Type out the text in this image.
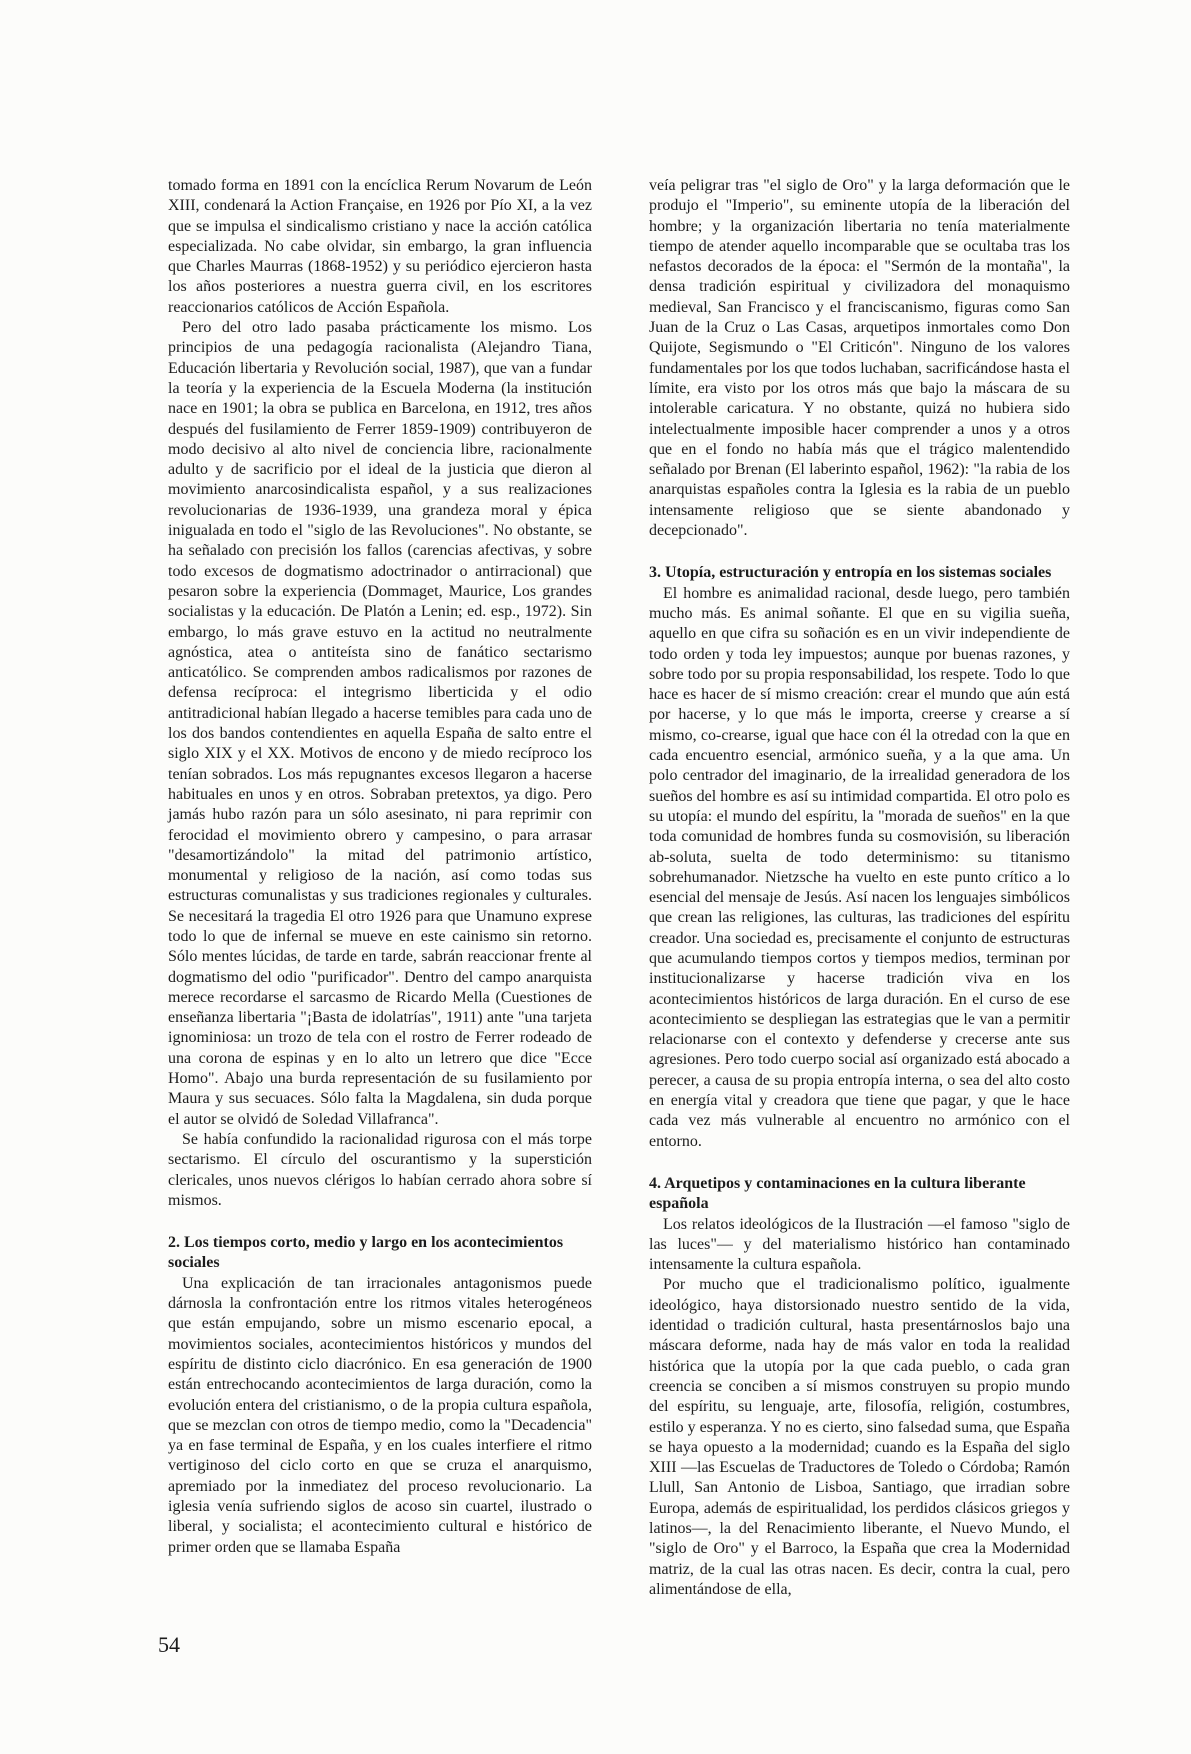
tomado forma en 1891 con la encíclica Rerum Novarum de León XIII, condenará la Action Française, en 1926 por Pío XI, a la vez que se impulsa el sindicalismo cristiano y nace la acción católica especializada. No cabe olvidar, sin embargo, la gran influencia que Charles Maurras (1868-1952) y su periódico ejercieron hasta los años posteriores a nuestra guerra civil, en los escritores reaccionarios católicos de Acción Española.

Pero del otro lado pasaba prácticamente los mismo. Los principios de una pedagogía racionalista (Alejandro Tiana, Educación libertaria y Revolución social, 1987), que van a fundar la teoría y la experiencia de la Escuela Moderna (la institución nace en 1901; la obra se publica en Barcelona, en 1912, tres años después del fusilamiento de Ferrer 1859-1909) contribuyeron de modo decisivo al alto nivel de conciencia libre, racionalmente adulto y de sacrificio por el ideal de la justicia que dieron al movimiento anarcosindicalista español, y a sus realizaciones revolucionarias de 1936-1939, una grandeza moral y épica inigualada en todo el "siglo de las Revoluciones". No obstante, se ha señalado con precisión los fallos (carencias afectivas, y sobre todo excesos de dogmatismo adoctrinador o antirracional) que pesaron sobre la experiencia (Dommaget, Maurice, Los grandes socialistas y la educación. De Platón a Lenin; ed. esp., 1972). Sin embargo, lo más grave estuvo en la actitud no neutralmente agnóstica, atea o antiteísta sino de fanático sectarismo anticatólico. Se comprenden ambos radicalismos por razones de defensa recíproca: el integrismo liberticida y el odio antitradicional habían llegado a hacerse temibles para cada uno de los dos bandos contendientes en aquella España de salto entre el siglo XIX y el XX. Motivos de encono y de miedo recíproco los tenían sobrados. Los más repugnantes excesos llegaron a hacerse habituales en unos y en otros. Sobraban pretextos, ya digo. Pero jamás hubo razón para un sólo asesinato, ni para reprimir con ferocidad el movimiento obrero y campesino, o para arrasar "desamortizándolo" la mitad del patrimonio artístico, monumental y religioso de la nación, así como todas sus estructuras comunalistas y sus tradiciones regionales y culturales. Se necesitará la tragedia El otro 1926 para que Unamuno exprese todo lo que de infernal se mueve en este cainismo sin retorno. Sólo mentes lúcidas, de tarde en tarde, sabrán reaccionar frente al dogmatismo del odio "purificador". Dentro del campo anarquista merece recordarse el sarcasmo de Ricardo Mella (Cuestiones de enseñanza libertaria "¡Basta de idolatrías", 1911) ante "una tarjeta ignominiosa: un trozo de tela con el rostro de Ferrer rodeado de una corona de espinas y en lo alto un letrero que dice "Ecce Homo". Abajo una burda representación de su fusilamiento por Maura y sus secuaces. Sólo falta la Magdalena, sin duda porque el autor se olvidó de Soledad Villafranca".

Se había confundido la racionalidad rigurosa con el más torpe sectarismo. El círculo del oscurantismo y la superstición clericales, unos nuevos clérigos lo habían cerrado ahora sobre sí mismos.

2. Los tiempos corto, medio y largo en los acontecimientos sociales

Una explicación de tan irracionales antagonismos puede dárnosla la confrontación entre los ritmos vitales heterogéneos que están empujando, sobre un mismo escenario epocal, a movimientos sociales, acontecimientos históricos y mundos del espíritu de distinto ciclo diacrónico. En esa generación de 1900 están entrechocando acontecimientos de larga duración, como la evolución entera del cristianismo, o de la propia cultura española, que se mezclan con otros de tiempo medio, como la "Decadencia" ya en fase terminal de España, y en los cuales interfiere el ritmo vertiginoso del ciclo corto en que se cruza el anarquismo, apremiado por la inmediatez del proceso revolucionario. La iglesia venía sufriendo siglos de acoso sin cuartel, ilustrado o liberal, y socialista; el acontecimiento cultural e histórico de primer orden que se llamaba España

veía peligrar tras "el siglo de Oro" y la larga deformación que le produjo el "Imperio", su eminente utopía de la liberación del hombre; y la organización libertaria no tenía materialmente tiempo de atender aquello incomparable que se ocultaba tras los nefastos decorados de la época: el "Sermón de la montaña", la densa tradición espiritual y civilizadora del monaquismo medieval, San Francisco y el franciscanismo, figuras como San Juan de la Cruz o Las Casas, arquetipos inmortales como Don Quijote, Segismundo o "El Criticón". Ninguno de los valores fundamentales por los que todos luchaban, sacrificándose hasta el límite, era visto por los otros más que bajo la máscara de su intolerable caricatura. Y no obstante, quizá no hubiera sido intelectualmente imposible hacer comprender a unos y a otros que en el fondo no había más que el trágico malentendido señalado por Brenan (El laberinto español, 1962): "la rabia de los anarquistas españoles contra la Iglesia es la rabia de un pueblo intensamente religioso que se siente abandonado y decepcionado".

3. Utopía, estructuración y entropía en los sistemas sociales

El hombre es animalidad racional, desde luego, pero también mucho más. Es animal soñante. El que en su vigilia sueña, aquello en que cifra su soñación es en un vivir independiente de todo orden y toda ley impuestos; aunque por buenas razones, y sobre todo por su propia responsabilidad, los respete. Todo lo que hace es hacer de sí mismo creación: crear el mundo que aún está por hacerse, y lo que más le importa, creerse y crearse a sí mismo, co-crearse, igual que hace con él la otredad con la que en cada encuentro esencial, armónico sueña, y a la que ama. Un polo centrador del imaginario, de la irrealidad generadora de los sueños del hombre es así su intimidad compartida. El otro polo es su utopía: el mundo del espíritu, la "morada de sueños" en la que toda comunidad de hombres funda su cosmovisión, su liberación ab-soluta, suelta de todo determinismo: su titanismo sobrehumanador. Nietzsche ha vuelto en este punto crítico a lo esencial del mensaje de Jesús. Así nacen los lenguajes simbólicos que crean las religiones, las culturas, las tradiciones del espíritu creador. Una sociedad es, precisamente el conjunto de estructuras que acumulando tiempos cortos y tiempos medios, terminan por institucionalizarse y hacerse tradición viva en los acontecimientos históricos de larga duración. En el curso de ese acontecimiento se despliegan las estrategias que le van a permitir relacionarse con el contexto y defenderse y crecerse ante sus agresiones. Pero todo cuerpo social así organizado está abocado a perecer, a causa de su propia entropía interna, o sea del alto costo en energía vital y creadora que tiene que pagar, y que le hace cada vez más vulnerable al encuentro no armónico con el entorno.

4. Arquetipos y contaminaciones en la cultura liberante española

Los relatos ideológicos de la Ilustración —el famoso "siglo de las luces"— y del materialismo histórico han contaminado intensamente la cultura española.

Por mucho que el tradicionalismo político, igualmente ideológico, haya distorsionado nuestro sentido de la vida, identidad o tradición cultural, hasta presentárnoslos bajo una máscara deforme, nada hay de más valor en toda la realidad histórica que la utopía por la que cada pueblo, o cada gran creencia se conciben a sí mismos construyen su propio mundo del espíritu, su lenguaje, arte, filosofía, religión, costumbres, estilo y esperanza. Y no es cierto, sino falsedad suma, que España se haya opuesto a la modernidad; cuando es la España del siglo XIII —las Escuelas de Traductores de Toledo o Córdoba; Ramón Llull, San Antonio de Lisboa, Santiago, que irradian sobre Europa, además de espiritualidad, los perdidos clásicos griegos y latinos—, la del Renacimiento liberante, el Nuevo Mundo, el "siglo de Oro" y el Barroco, la España que crea la Modernidad matriz, de la cual las otras nacen. Es decir, contra la cual, pero alimentándose de ella,

54
